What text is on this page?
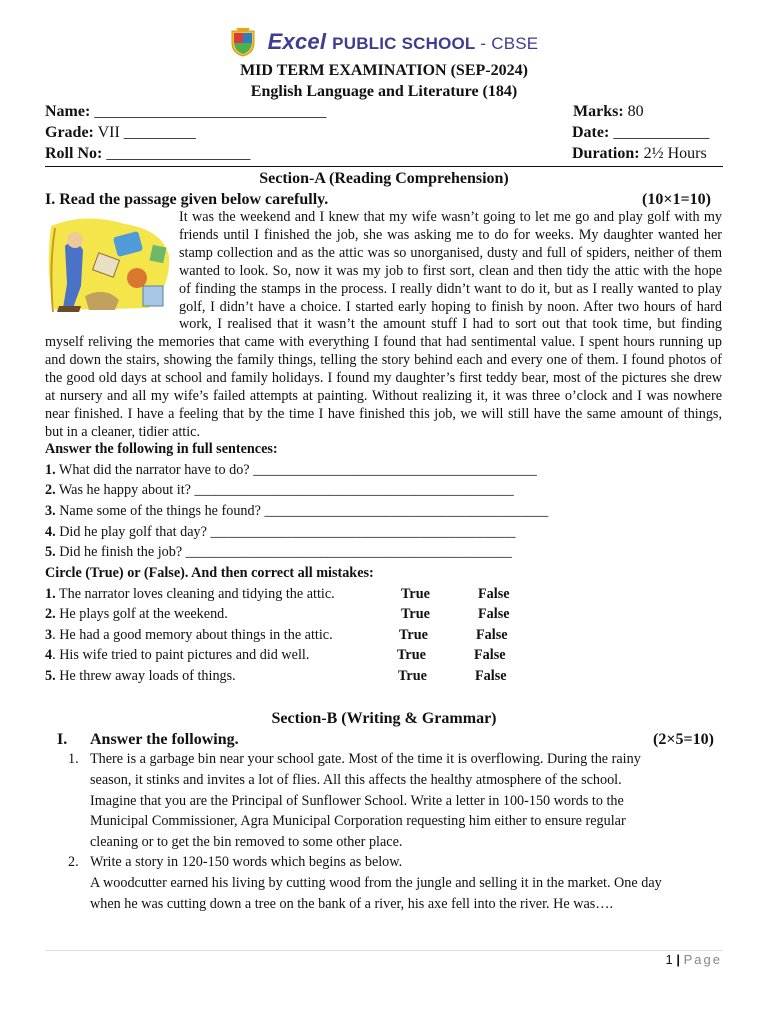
Excel PUBLIC SCHOOL - CBSE
MID TERM EXAMINATION (SEP-2024)
English Language and Literature (184)
Name: _____________________________	Marks: 80
Grade: VII _________	Date: ____________
Roll No: __________________	Duration: 2½ Hours
Section-A (Reading Comprehension)
I. Read the passage given below carefully.	(10×1=10)
It was the weekend and I knew that my wife wasn’t going to let me go and play golf with my friends until I finished the job, she was asking me to do for weeks. My daughter wanted her stamp collection and as the attic was so unorganised, dusty and full of spiders, neither of them wanted to look. So, now it was my job to first sort, clean and then tidy the attic with the hope of finding the stamps in the process. I really didn’t want to do it, but as I really wanted to play golf, I didn’t have a choice. I started early hoping to finish by noon. After two hours of hard work, I realised that it wasn’t the amount stuff I had to sort out that took time, but finding myself reliving the memories that came with everything I found that had sentimental value. I spent hours running up and down the stairs, showing the family things, telling the story behind each and every one of them. I found photos of the good old days at school and family holidays. I found my daughter’s first teddy bear, most of the pictures she drew at nursery and all my wife’s failed attempts at painting. Without realizing it, it was three o’clock and I was nowhere near finished. I have a feeling that by the time I have finished this job, we will still have the same amount of things, but in a cleaner, tidier attic.
Answer the following in full sentences:
1. What did the narrator have to do? ________________________________________
2. Was he happy about it? _____________________________________________
3. Name some of the things he found? ________________________________________
4. Did he play golf that day? ___________________________________________
5. Did he finish the job? ______________________________________________
Circle (True) or (False). And then correct all mistakes:
1. The narrator loves cleaning and tidying the attic.	True	False
2. He plays golf at the weekend.	True	False
3. He had a good memory about things in the attic.	True	False
4. His wife tried to paint pictures and did well.	True	False
5. He threw away loads of things.	True	False
Section-B (Writing & Grammar)
I. Answer the following.	(2×5=10)
1. There is a garbage bin near your school gate. Most of the time it is overflowing. During the rainy
season, it stinks and invites a lot of flies. All this affects the healthy atmosphere of the school.
Imagine that you are the Principal of Sunflower School. Write a letter in 100-150 words to the
Municipal Commissioner, Agra Municipal Corporation requesting him either to ensure regular
cleaning or to get the bin removed to some other place.
2. Write a story in 120-150 words which begins as below.
A woodcutter earned his living by cutting wood from the jungle and selling it in the market. One day
when he was cutting down a tree on the bank of a river, his axe fell into the river. He was….
1 | Page
